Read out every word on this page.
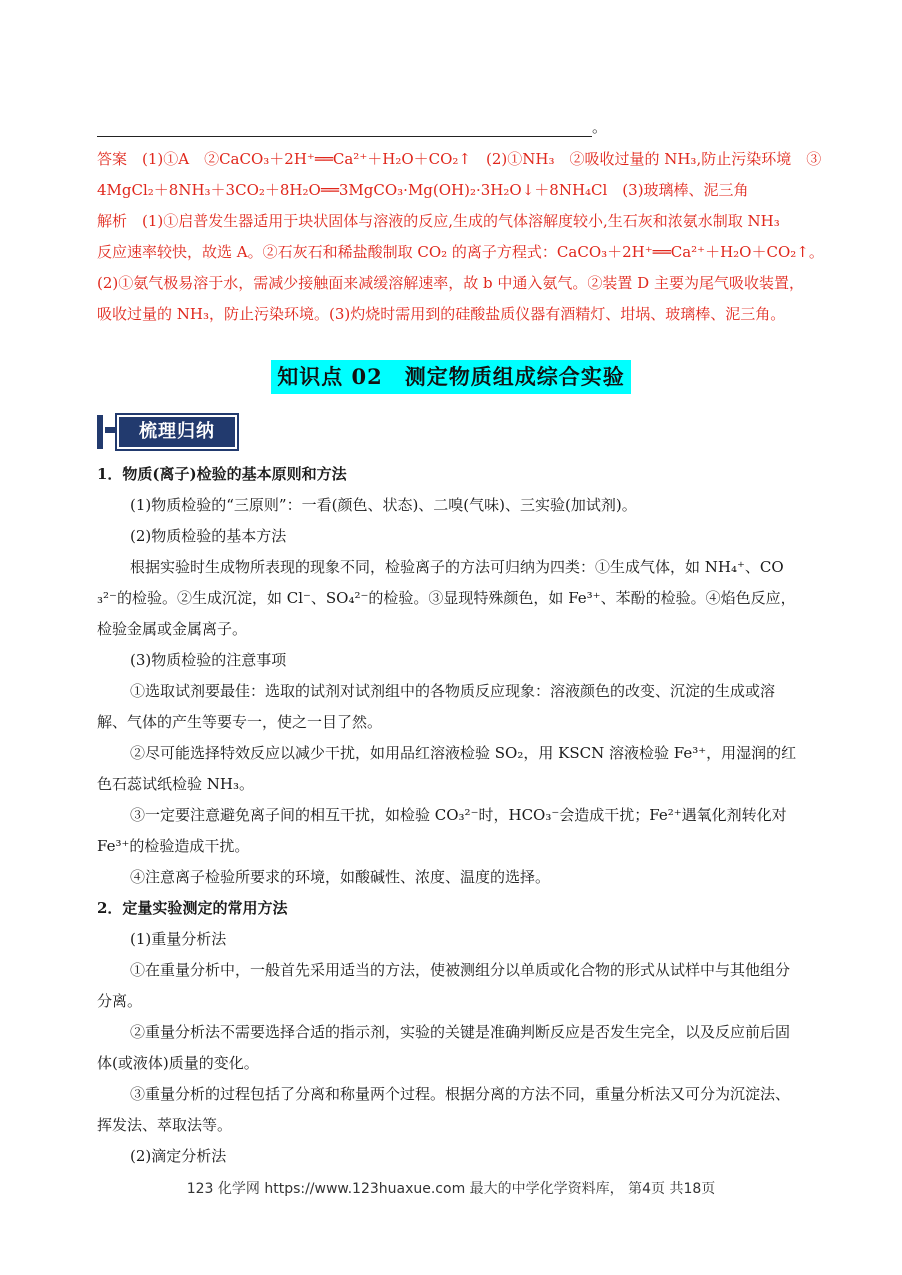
。
答案　(1)①A　②CaCO₃＋2H⁺══Ca²⁺＋H₂O＋CO₂↑　(2)①NH₃　②吸收过量的 NH₃,防止污染环境　③
4MgCl₂＋8NH₃＋3CO₂＋8H₂O══3MgCO₃·Mg(OH)₂·3H₂O↓＋8NH₄Cl　(3)玻璃棒、泥三角
解析　(1)①启普发生器适用于块状固体与溶液的反应,生成的气体溶解度较小,生石灰和浓氨水制取 NH₃
反应速率较快，故选 A。②石灰石和稀盐酸制取 CO₂ 的离子方程式：CaCO₃＋2H⁺══Ca²⁺＋H₂O＋CO₂↑。
(2)①氨气极易溶于水，需减少接触面来减缓溶解速率，故 b 中通入氨气。②装置 D 主要为尾气吸收装置，
吸收过量的 NH₃，防止污染环境。(3)灼烧时需用到的硅酸盐质仪器有酒精灯、坩埚、玻璃棒、泥三角。
知识点 02　测定物质组成综合实验
梳理归纳
1．物质(离子)检验的基本原则和方法
(1)物质检验的“三原则”：一看(颜色、状态)、二嗅(气味)、三实验(加试剂)。
(2)物质检验的基本方法
根据实验时生成物所表现的现象不同，检验离子的方法可归纳为四类：①生成气体，如 NH₄⁺、CO
₃²⁻的检验。②生成沉淀，如 Cl⁻、SO₄²⁻的检验。③显现特殊颜色，如 Fe³⁺、苯酚的检验。④焰色反应，
检验金属或金属离子。
(3)物质检验的注意事项
①选取试剂要最佳：选取的试剂对试剂组中的各物质反应现象：溶液颜色的改变、沉淀的生成或溶
解、气体的产生等要专一，使之一目了然。
②尽可能选择特效反应以减少干扰，如用品红溶液检验 SO₂，用 KSCN 溶液检验 Fe³⁺，用湿润的红
色石蕊试纸检验 NH₃。
③一定要注意避免离子间的相互干扰，如检验 CO₃²⁻时，HCO₃⁻会造成干扰；Fe²⁺遇氧化剂转化对
Fe³⁺的检验造成干扰。
④注意离子检验所要求的环境，如酸碱性、浓度、温度的选择。
2．定量实验测定的常用方法
(1)重量分析法
①在重量分析中，一般首先采用适当的方法，使被测组分以单质或化合物的形式从试样中与其他组分
分离。
②重量分析法不需要选择合适的指示剂，实验的关键是准确判断反应是否发生完全，以及反应前后固
体(或液体)质量的变化。
③重量分析的过程包括了分离和称量两个过程。根据分离的方法不同，重量分析法又可分为沉淀法、
挥发法、萃取法等。
(2)滴定分析法
123 化学网 https://www.123huaxue.com 最大的中学化学资料库， 第4页 共18页
